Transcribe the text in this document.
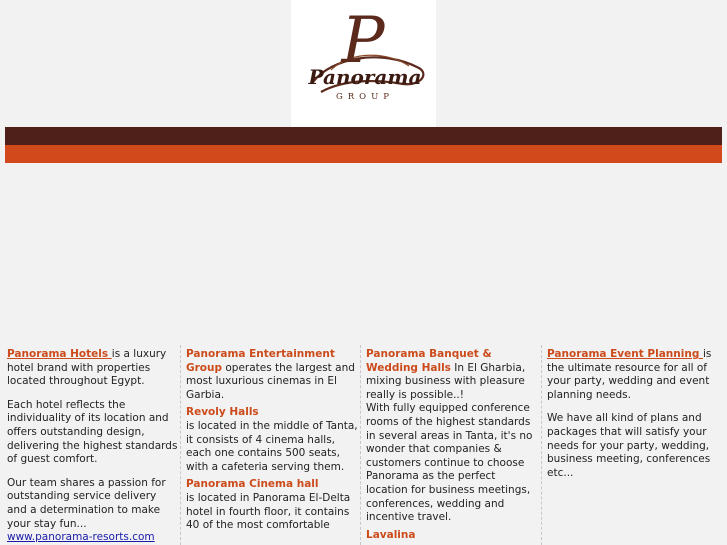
P
Panorama
GROUP

Panorama Hotels is a luxury hotel brand with properties located throughout Egypt.

Each hotel reflects the individuality of its location and offers outstanding design, delivering the highest standards of guest comfort.

Our team shares a passion for outstanding service delivery and a determination to make your stay fun...

www.panorama-resorts.com

Panorama Entertainment Group operates the largest and most luxurious cinemas in El Garbia.

Revoly Halls

is located in the middle of Tanta, it consists of 4 cinema halls, each one contains 500 seats, with a cafeteria serving them.

Panorama Cinema hall

is located in Panorama El-Delta hotel in fourth floor, it contains 40 of the most comfortable

Panorama Banquet & Wedding Halls In El Gharbia, mixing business with pleasure really is possible..!

With fully equipped conference rooms of the highest standards in several areas in Tanta, it's no wonder that companies & customers continue to choose Panorama as the perfect location for business meetings, conferences, wedding and incentive travel.

Lavalina

Panorama Event Planning is the ultimate resource for all of your party, wedding and event planning needs.

We have all kind of plans and packages that will satisfy your needs for your party, wedding, business meeting, conferences etc...
